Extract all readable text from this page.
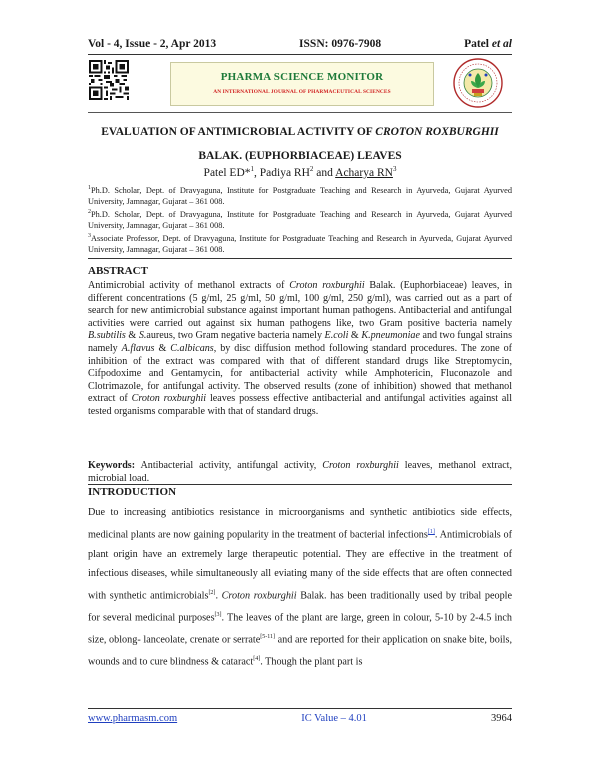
Vol - 4, Issue - 2, Apr 2013	ISSN: 0976-7908	Patel et al
PHARMA SCIENCE MONITOR
AN INTERNATIONAL JOURNAL OF PHARMACEUTICAL SCIENCES
EVALUATION OF ANTIMICROBIAL ACTIVITY OF CROTON ROXBURGHII
BALAK. (EUPHORBIACEAE) LEAVES
Patel ED*$^1$, Padiya $RH^2$ and Acharya $RN^3$
$^1$Ph.D. Scholar, Dept. of Dravyaguna, Institute for Postgraduate Teaching and Research in Ayurveda, Gujarat Ayurved University, Jamnagar, Gujarat – 361 008.
$^2$Ph.D. Scholar, Dept. of Dravyaguna, Institute for Postgraduate Teaching and Research in Ayurveda, Gujarat Ayurved University, Jamnagar, Gujarat – 361 008.
$^3$Associate Professor, Dept. of Dravyaguna, Institute for Postgraduate Teaching and Research in Ayurveda, Gujarat Ayurved University, Jamnagar, Gujarat – 361 008.
ABSTRACT
Antimicrobial activity of methanol extracts of Croton roxburghii Balak. (Euphorbiaceae) leaves, in different concentrations (5 g/ml, 25 g/ml, 50 g/ml, 100 g/ml, 250 g/ml), was carried out as a part of search for new antimicrobial substance against important human pathogens. Antibacterial and antifungal activities were carried out against six human pathogens like, two Gram positive bacteria namely B.subtilis & S.aureus, two Gram negative bacteria namely E.coli & K.pneumoniae and two fungal strains namely A.flavus & C.albicans, by disc diffusion method following standard procedures. The zone of inhibition of the extract was compared with that of different standard drugs like Streptomycin, Cifpodoxime and Gentamycin, for antibacterial activity while Amphotericin, Fluconazole and Clotrimazole, for antifungal activity. The observed results (zone of inhibition) showed that methanol extract of Croton roxburghii leaves possess effective antibacterial and antifungal activities against all tested organisms comparable with that of standard drugs.
Keywords: Antibacterial activity, antifungal activity, Croton roxburghii leaves, methanol extract, microbial load.
INTRODUCTION
Due to increasing antibiotics resistance in microorganisms and synthetic antibiotics side effects, medicinal plants are now gaining popularity in the treatment of bacterial infections[1]. Antimicrobials of plant origin have an extremely large therapeutic potential. They are effective in the treatment of infectious diseases, while simultaneously all eviating many of the side effects that are often connected with synthetic antimicrobials[2]. Croton roxburghii Balak. has been traditionally used by tribal people for several medicinal purposes[3]. The leaves of the plant are large, green in colour, 5-10 by 2-4.5 inch size, oblong- lanceolate, crenate or serrate[5-11] and are reported for their application on snake bite, boils, wounds and to cure blindness & cataract[4]. Though the plant part is
www.pharmasm.com	IC Value – 4.01	3964
